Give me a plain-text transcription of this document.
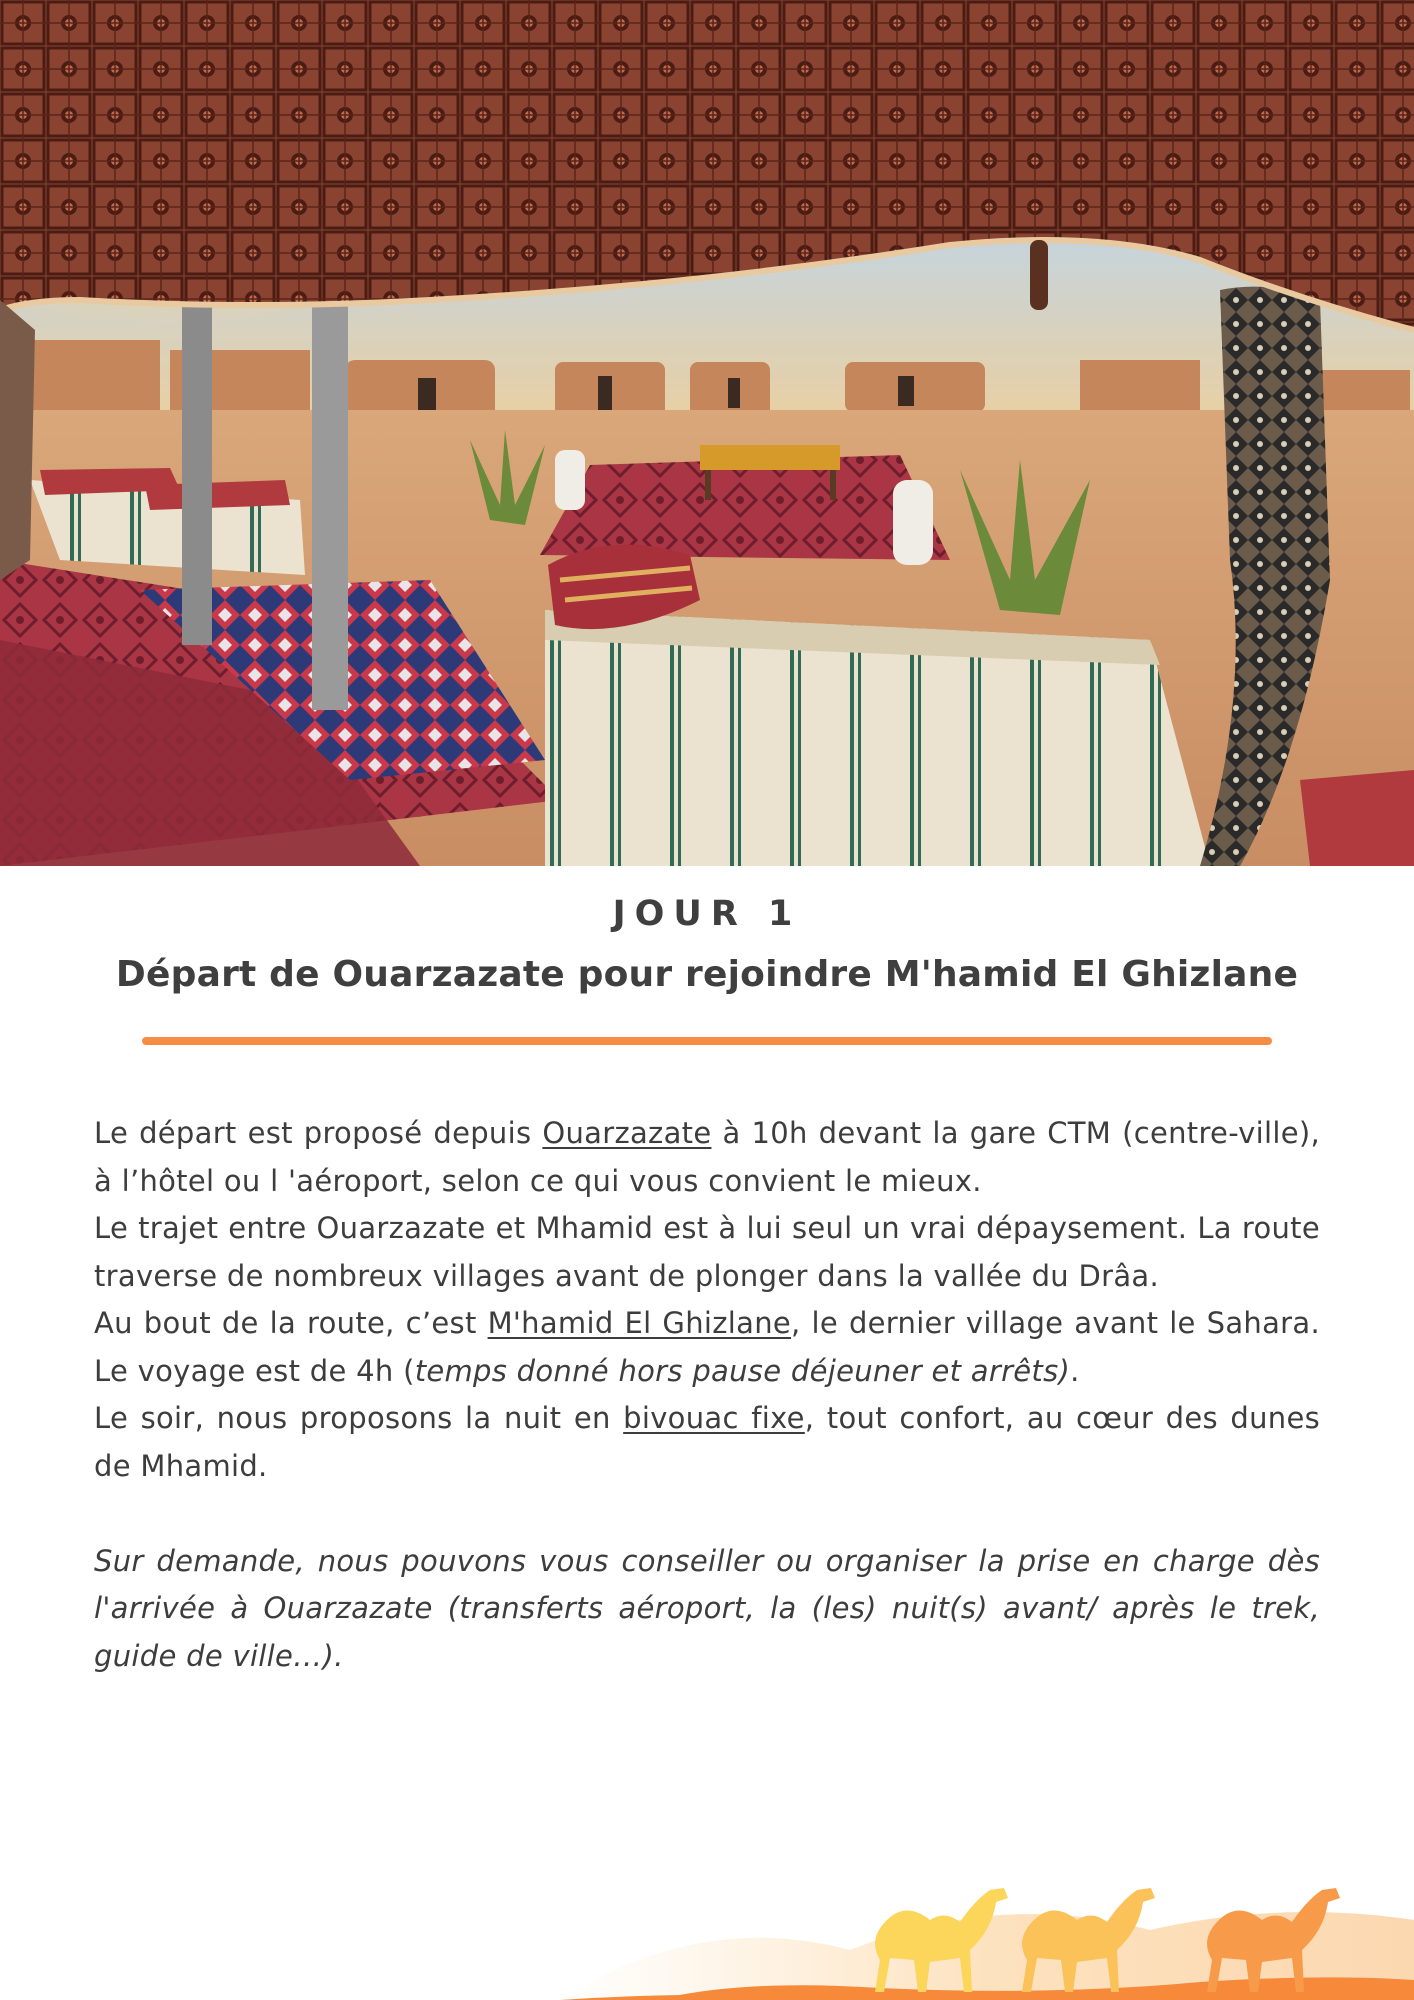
JOUR 1
Départ de Ouarzazate pour rejoindre M'hamid El Ghizlane

Le départ est proposé depuis Ouarzazate à 10h devant la gare CTM (centre-ville), à l’hôtel ou l 'aéroport, selon ce qui vous convient le mieux.

Le trajet entre Ouarzazate et Mhamid est à lui seul un vrai dépaysement. La route traverse de nombreux villages avant de plonger dans la vallée du Drâa.

Au bout de la route, c’est M'hamid El Ghizlane, le dernier village avant le Sahara. Le voyage est de 4h (temps donné hors pause déjeuner et arrêts).

Le soir, nous proposons la nuit en bivouac fixe, tout confort, au cœur des dunes de Mhamid.

Sur demande, nous pouvons vous conseiller ou organiser la prise en charge dès l'arrivée à Ouarzazate (transferts aéroport, la (les) nuit(s) avant/ après le trek, guide de ville…).
